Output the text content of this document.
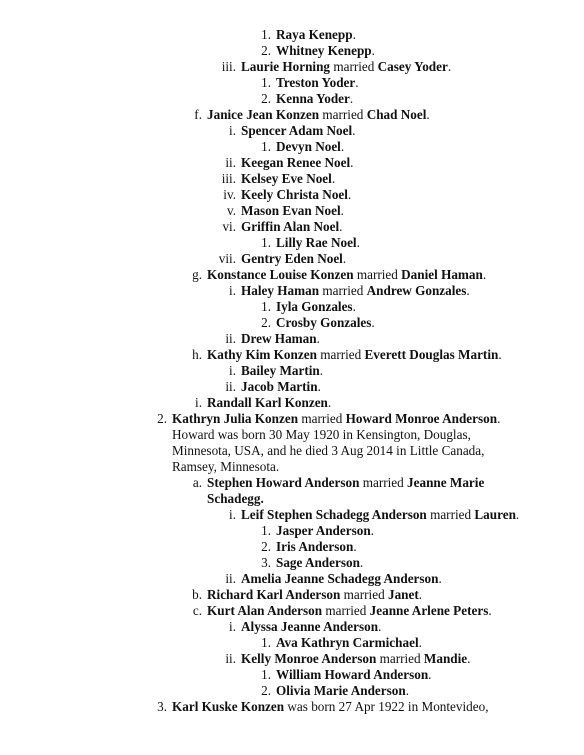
1. Raya Kenepp.
2. Whitney Kenepp.
iii. Laurie Horning married Casey Yoder.
1. Treston Yoder.
2. Kenna Yoder.
f. Janice Jean Konzen married Chad Noel.
i. Spencer Adam Noel.
1. Devyn Noel.
ii. Keegan Renee Noel.
iii. Kelsey Eve Noel.
iv. Keely Christa Noel.
v. Mason Evan Noel.
vi. Griffin Alan Noel.
1. Lilly Rae Noel.
vii. Gentry Eden Noel.
g. Konstance Louise Konzen married Daniel Haman.
i. Haley Haman married Andrew Gonzales.
1. Iyla Gonzales.
2. Crosby Gonzales.
ii. Drew Haman.
h. Kathy Kim Konzen married Everett Douglas Martin.
i. Bailey Martin.
ii. Jacob Martin.
i. Randall Karl Konzen.
2. Kathryn Julia Konzen married Howard Monroe Anderson.
Howard was born 30 May 1920 in Kensington, Douglas,
Minnesota, USA, and he died 3 Aug 2014 in Little Canada,
Ramsey, Minnesota.
a. Stephen Howard Anderson married Jeanne Marie
Schadegg.
i. Leif Stephen Schadegg Anderson married Lauren.
1. Jasper Anderson.
2. Iris Anderson.
3. Sage Anderson.
ii. Amelia Jeanne Schadegg Anderson.
b. Richard Karl Anderson married Janet.
c. Kurt Alan Anderson married Jeanne Arlene Peters.
i. Alyssa Jeanne Anderson.
1. Ava Kathryn Carmichael.
ii. Kelly Monroe Anderson married Mandie.
1. William Howard Anderson.
2. Olivia Marie Anderson.
3. Karl Kuske Konzen was born 27 Apr 1922 in Montevideo,
